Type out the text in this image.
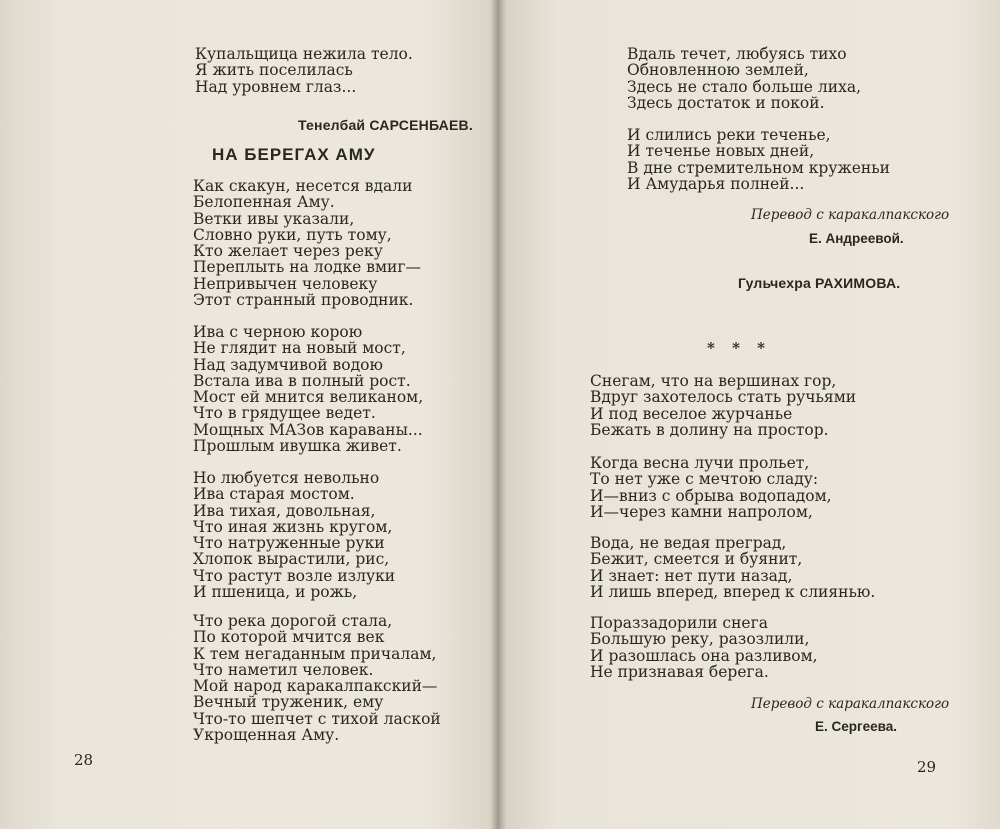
Купальщица нежила тело.
Я жить поселилась
Над уровнем глаз...
Тенелбай САРСЕНБАЕВ.
НА БЕРЕГАХ АМУ
Как скакун, несется вдали
Белопенная Аму.
Ветки ивы указали,
Словно руки, путь тому,
Кто желает через реку
Переплыть на лодке вмиг—
Непривычен человеку
Этот странный проводник.
Ива с черною корою
Не глядит на новый мост,
Над задумчивой водою
Встала ива в полный рост.
Мост ей мнится великаном,
Что в грядущее ведет.
Мощных МАЗов караваны...
Прошлым ивушка живет.
Но любуется невольно
Ива старая мостом.
Ива тихая, довольная,
Что иная жизнь кругом,
Что натруженные руки
Хлопок вырастили, рис,
Что растут возле излуки
И пшеница, и рожь,
Что река дорогой стала,
По которой мчится век
К тем негаданным причалам,
Что наметил человек.
Мой народ каракалпакский—
Вечный труженик, ему
Что-то шепчет с тихой лаской
Укрощенная Аму.
28
Вдаль течет, любуясь тихо
Обновленною землей,
Здесь не стало больше лиха,
Здесь достаток и покой.
И слились реки теченье,
И теченье новых дней,
В дне стремительном круженьи
И Амударья полней...
Перевод с каракалпакского
Е. Андреевой.
Гульчехра РАХИМОВА.
* * *
Снегам, что на вершинах гор,
Вдруг захотелось стать ручьями
И под веселое журчанье
Бежать в долину на простор.
Когда весна лучи прольет,
То нет уже с мечтою сладу:
И—вниз с обрыва водопадом,
И—через камни напролом,
Вода, не ведая преград,
Бежит, смеется и буянит,
И знает: нет пути назад,
И лишь вперед, вперед к слиянью.
Пораззадорили снега
Большую реку, разозлили,
И разошлась она разливом,
Не признавая берега.
Перевод с каракалпакского
Е. Сергеева.
29
